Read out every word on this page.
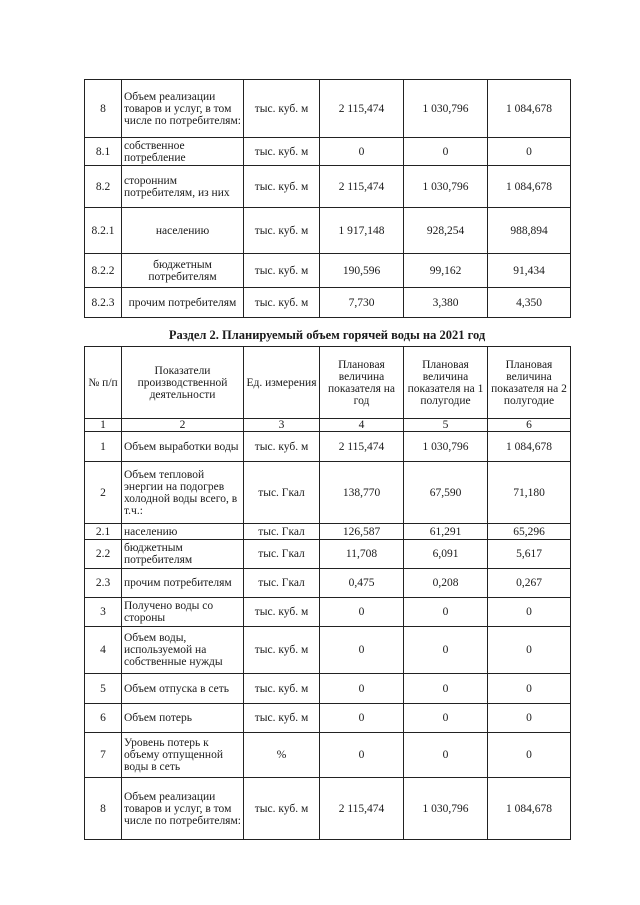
8	Объем реализации товаров и услуг, в том числе по потребителям:	тыс. куб. м	2 115,474	1 030,796	1 084,678
8.1	собственное потребление	тыс. куб. м	0	0	0
8.2	сторонним потребителям, из них	тыс. куб. м	2 115,474	1 030,796	1 084,678
8.2.1	населению	тыс. куб. м	1 917,148	928,254	988,894
8.2.2	бюджетным потребителям	тыс. куб. м	190,596	99,162	91,434
8.2.3	прочим потребителям	тыс. куб. м	7,730	3,380	4,350
Раздел 2. Планируемый объем горячей воды на 2021 год
№ п/п	Показатели производственной деятельности	Ед. измерения	Плановая величина показателя на год	Плановая величина показателя на 1 полугодие	Плановая величина показателя на 2 полугодие
1	2	3	4	5	6
1	Объем выработки воды	тыс. куб. м	2 115,474	1 030,796	1 084,678
2	Объем тепловой энергии на подогрев холодной воды всего, в т.ч.:	тыс. Гкал	138,770	67,590	71,180
2.1	населению	тыс. Гкал	126,587	61,291	65,296
2.2	бюджетным потребителям	тыс. Гкал	11,708	6,091	5,617
2.3	прочим потребителям	тыс. Гкал	0,475	0,208	0,267
3	Получено воды со стороны	тыс. куб. м	0	0	0
4	Объем воды, используемой на собственные нужды	тыс. куб. м	0	0	0
5	Объем отпуска в сеть	тыс. куб. м	0	0	0
6	Объем потерь	тыс. куб. м	0	0	0
7	Уровень потерь к объему отпущенной воды в сеть	%	0	0	0
8	Объем реализации товаров и услуг, в том числе по потребителям:	тыс. куб. м	2 115,474	1 030,796	1 084,678
